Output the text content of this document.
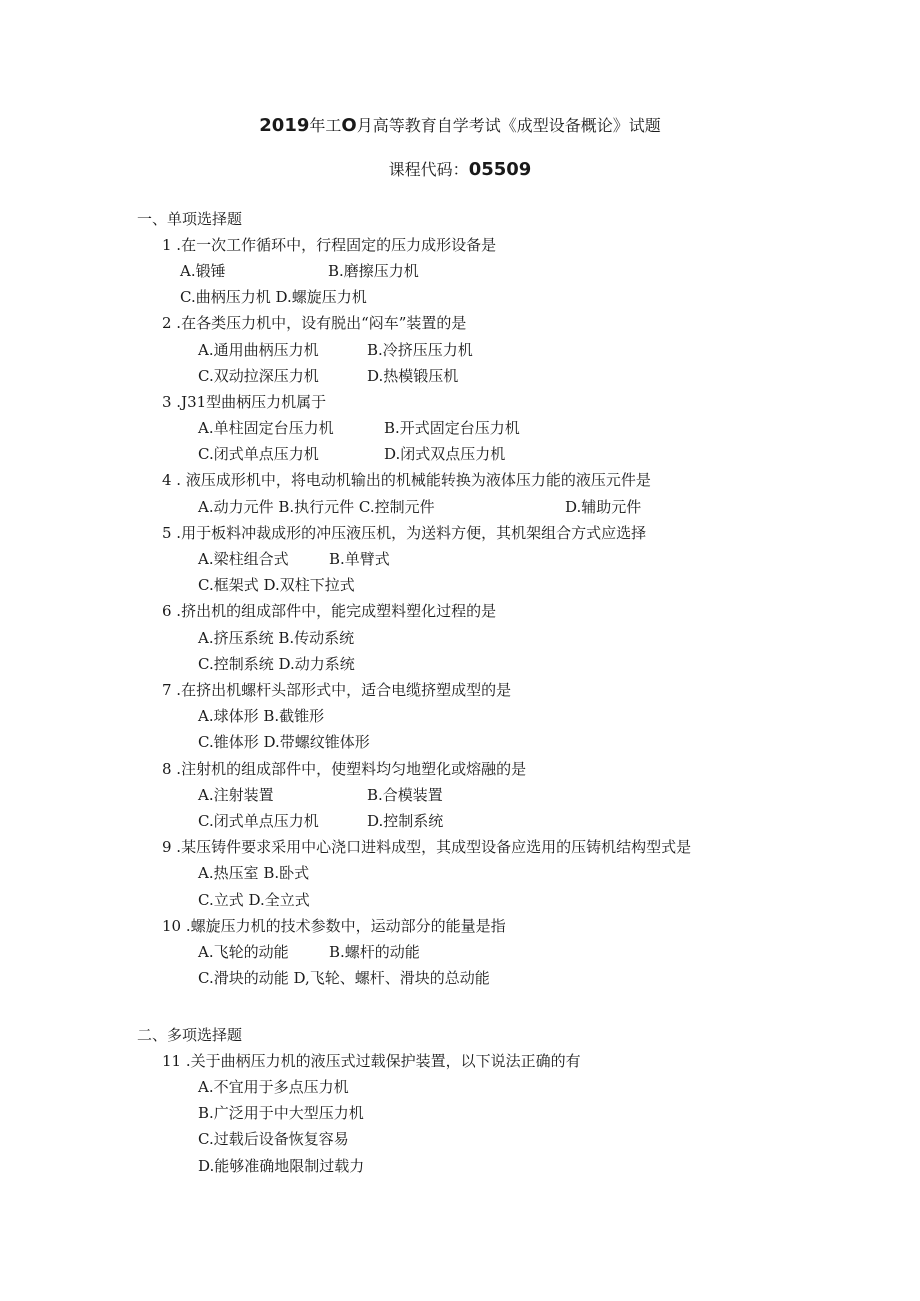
2019年工O月高等教育自学考试《成型设备概论》试题
课程代码：05509
一、单项选择题
1 .在一次工作循环中，行程固定的压力成形设备是
A.锻锤	B.磨擦压力机
C.曲柄压力机 D.螺旋压力机
2 .在各类压力机中，设有脱出“闷车”装置的是
A.通用曲柄压力机	B.冷挤压压力机
C.双动拉深压力机	D.热模锻压机
3 .J31型曲柄压力机属于
A.单柱固定台压力机	B.开式固定台压力机
C.闭式单点压力机	D.闭式双点压力机
4 . 液压成形机中，将电动机输出的机械能转换为液体压力能的液压元件是
A.动力元件 B.执行元件 C.控制元件	D.辅助元件
5 .用于板料冲裁成形的冲压液压机，为送料方便，其机架组合方式应选择
A.梁柱组合式	B.单臂式
C.框架式 D.双柱下拉式
6 .挤出机的组成部件中，能完成塑料塑化过程的是
A.挤压系统 B.传动系统
C.控制系统 D.动力系统
7 .在挤出机螺杆头部形式中，适合电缆挤塑成型的是
A.球体形 B.截锥形
C.锥体形 D.带螺纹锥体形
8 .注射机的组成部件中，使塑料均匀地塑化或熔融的是
A.注射装置	B.合模装置
C.闭式单点压力机	D.控制系统
9 .某压铸件要求采用中心浇口进料成型，其成型设备应选用的压铸机结构型式是
A.热压室 B.卧式
C.立式 D.全立式
10 .螺旋压力机的技术参数中，运动部分的能量是指
A.飞轮的动能	B.螺杆的动能
C.滑块的动能 D,飞轮、螺杆、滑块的总动能
二、多项选择题
11 .关于曲柄压力机的液压式过载保护装置，以下说法正确的有
A.不宜用于多点压力机
B.广泛用于中大型压力机
C.过载后设备恢复容易
D.能够准确地限制过载力
